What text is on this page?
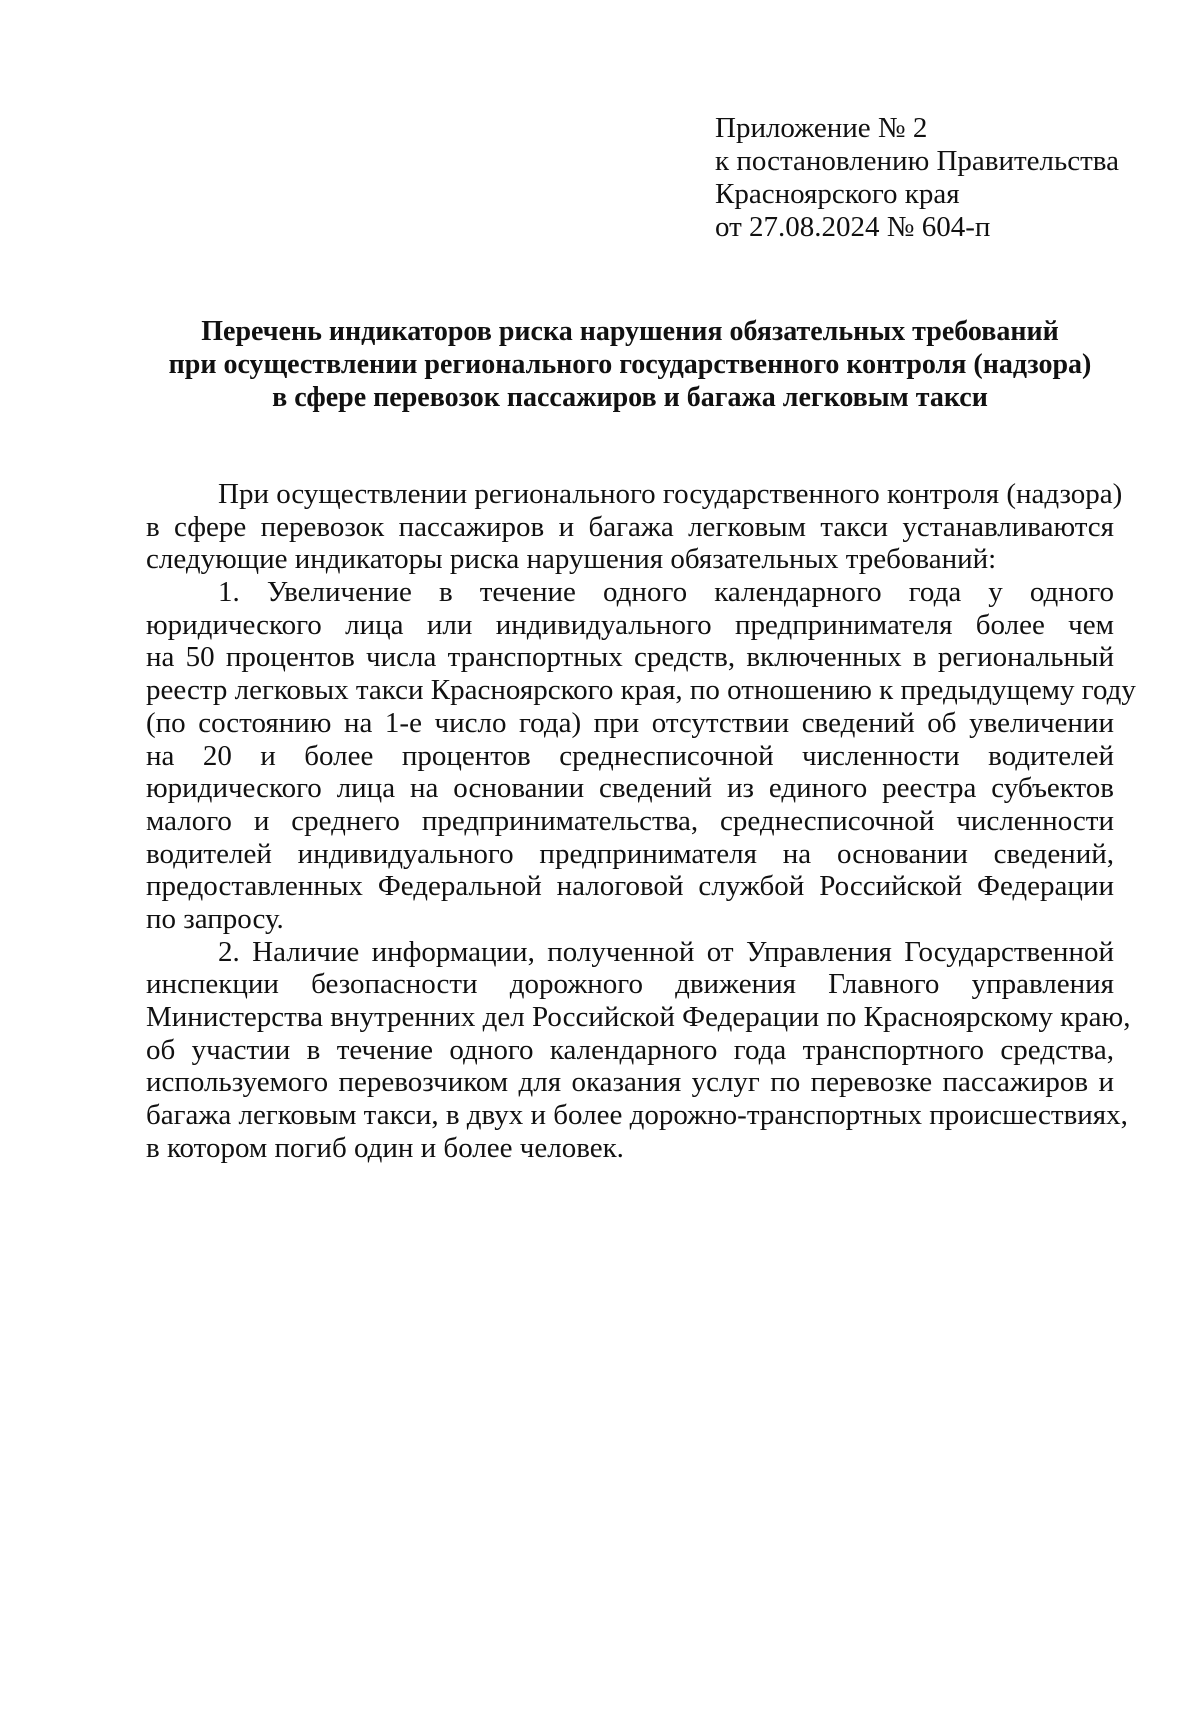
Приложение № 2
к постановлению Правительства
Красноярского края
от 27.08.2024 № 604-п
Перечень индикаторов риска нарушения обязательных требований
при осуществлении регионального государственного контроля (надзора)
в сфере перевозок пассажиров и багажа легковым такси
При осуществлении регионального государственного контроля (надзора)
в сфере перевозок пассажиров и багажа легковым такси устанавливаются
следующие индикаторы риска нарушения обязательных требований:
1. Увеличение в течение одного календарного года у одного
юридического лица или индивидуального предпринимателя более чем
на 50 процентов числа транспортных средств, включенных в региональный
реестр легковых такси Красноярского края, по отношению к предыдущему году
(по состоянию на 1-е число года) при отсутствии сведений об увеличении
на 20 и более процентов среднесписочной численности водителей
юридического лица на основании сведений из единого реестра субъектов
малого и среднего предпринимательства, среднесписочной численности
водителей индивидуального предпринимателя на основании сведений,
предоставленных Федеральной налоговой службой Российской Федерации
по запросу.
2. Наличие информации, полученной от Управления Государственной
инспекции безопасности дорожного движения Главного управления
Министерства внутренних дел Российской Федерации по Красноярскому краю,
об участии в течение одного календарного года транспортного средства,
используемого перевозчиком для оказания услуг по перевозке пассажиров и
багажа легковым такси, в двух и более дорожно-транспортных происшествиях,
в котором погиб один и более человек.
